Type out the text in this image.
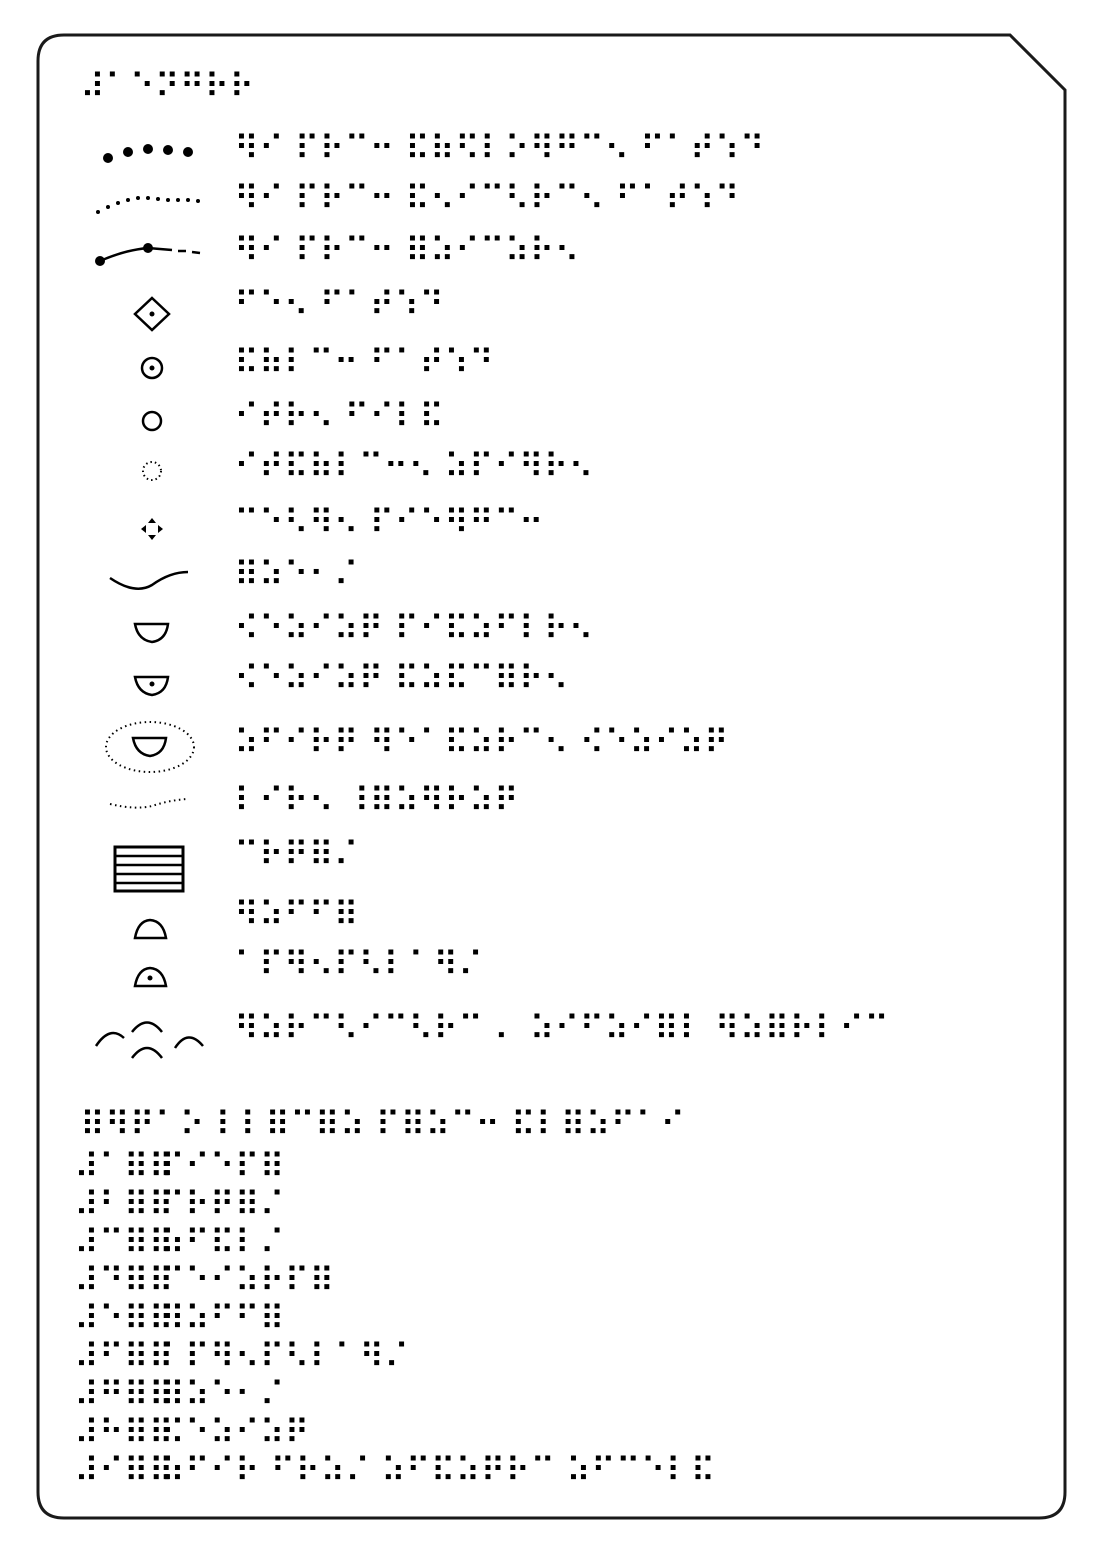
⠼⠁⠑⠝⠛⠗⠗
⠻⠊ ⠏⠗⠉⠒ ⠯⠷⠫⠇⠕⠻⠛⠉⠢ ⠋⠁⠞⠱⠙
⠻⠊ ⠏⠗⠉⠒ ⠯⠢⠊⠉⠣⠗⠉⠢ ⠋⠁⠞⠱⠙
⠻⠊ ⠏⠗⠉⠒ ⠿⠵⠊⠉⠵⠗⠢
⠋⠑⠢ ⠋⠁⠞⠱⠙
⠯⠷⠇⠉⠒ ⠋⠁⠞⠱⠙
⠊⠞⠗⠢ ⠋⠊⠇⠯
⠊⠞⠯⠷⠇⠉⠒⠢ ⠵⠏⠊⠻⠗⠢
⠉⠑⠣⠻⠢ ⠏⠊⠑⠻⠛⠉⠒
⠿⠵⠑⠂⠌
⠪⠑⠵⠊⠵⠟ ⠏⠊⠯⠵⠋⠇⠗⠢
⠪⠑⠵⠊⠵⠟ ⠯⠵⠯⠉⠿⠗⠢
⠵⠋⠊⠗⠟ ⠻⠑⠁⠯⠵⠗⠉⠢ ⠪⠑⠵⠊⠵⠟
⠇⠊⠗⠢ ⠸⠿⠵⠻⠗⠵⠟
⠉⠗⠟⠿⠌
⠻⠵⠋⠋⠿
⠁⠏⠻⠢⠏⠣⠇⠁⠻⠌
⠻⠵⠗⠉⠣⠊⠉⠣⠗⠉ ⠄ ⠵⠊⠋⠵⠊⠿⠇ ⠻⠵⠿⠗⠇⠊⠉
⠿⠻⠟⠁⠕ ⠇⠇⠿⠉⠿⠵ ⠏⠿⠵⠉⠒ ⠯⠇⠿⠵⠋⠁⠊
⠼⠁⠿⠿
⠏⠊⠑⠏⠿
⠼⠃⠿⠿
⠉⠗⠟⠿⠌
⠼⠉⠿⠿
⠵⠋⠯⠇⠌
⠼⠙⠿⠿
⠉⠑⠊⠵⠗⠏⠿
⠼⠑⠿⠿
⠻⠵⠋⠋⠿
⠼⠋⠿⠿
⠁⠏⠻⠢⠏⠣⠇⠁⠻⠌
⠼⠛⠿⠿
⠿⠵⠑⠂⠌
⠼⠓⠿⠿
⠪⠑⠵⠊⠵⠟
⠼⠊⠿⠿
⠵⠋⠊⠗ ⠋⠗⠵⠌ ⠵⠋⠯⠵⠟⠗⠉ ⠵⠋⠉⠑⠇⠯
